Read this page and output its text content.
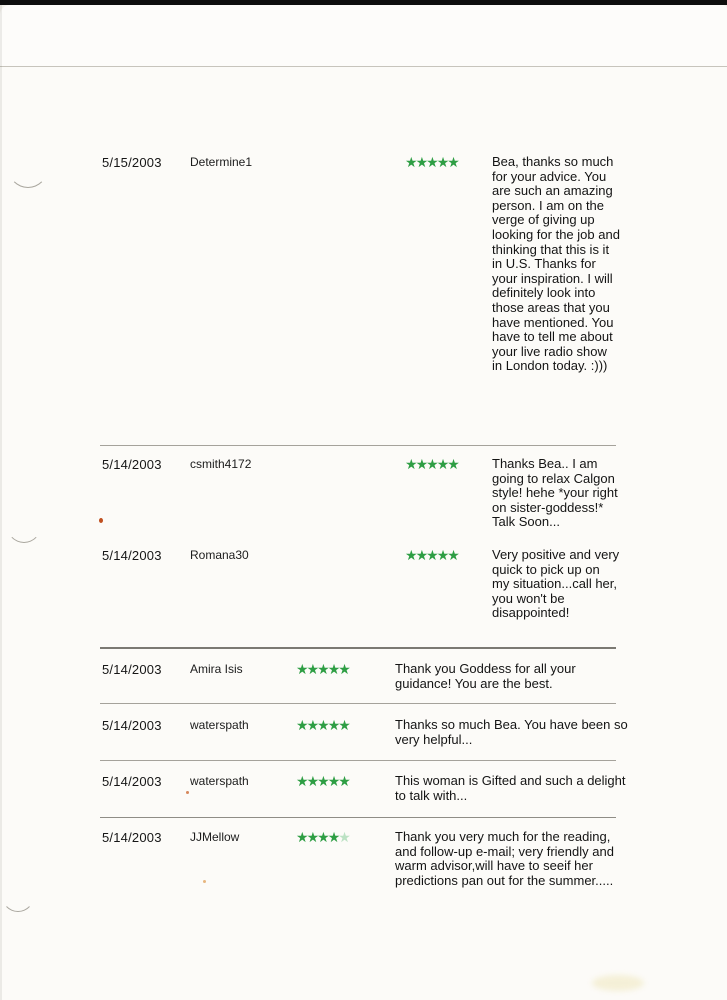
5/15/2003	Determine1	★★★★★	Bea, thanks so much for your advice. You are such an amazing person. I am on the verge of giving up looking for the job and thinking that this is it in U.S. Thanks for your inspiration. I will definitely look into those areas that you have mentioned. You have to tell me about your live radio show in London today. :)))
5/14/2003	csmith4172	★★★★★	Thanks Bea.. I am going to relax Calgon style! hehe *your right on sister-goddess!* Talk Soon...
5/14/2003	Romana30	★★★★★	Very positive and very quick to pick up on my situation...call her, you won't be disappointed!
5/14/2003	Amira Isis	★★★★★	Thank you Goddess for all your guidance! You are the best.
5/14/2003	waterspath	★★★★★	Thanks so much Bea. You have been so very helpful...
5/14/2003	waterspath	★★★★★	This woman is Gifted and such a delight to talk with...
5/14/2003	JJMellow	★★★★★	Thank you very much for the reading, and follow-up e-mail; very friendly and warm advisor,will have to seeif her predictions pan out for the summer.....
